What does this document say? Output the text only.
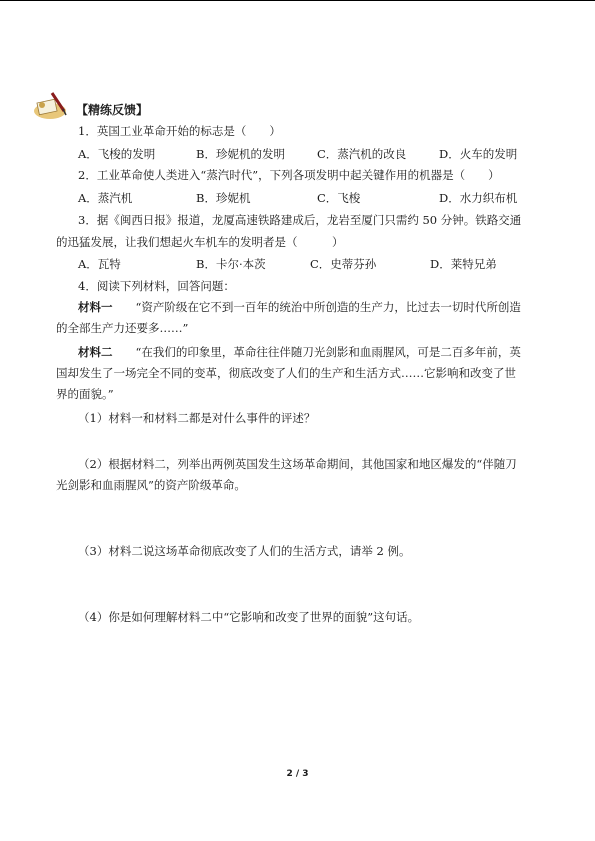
【精练反馈】
1．英国工业革命开始的标志是（　　）
A．飞梭的发明	B．珍妮机的发明	C．蒸汽机的改良	D．火车的发明
2．工业革命使人类进入“蒸汽时代”，下列各项发明中起关键作用的机器是（　　）
A．蒸汽机	B．珍妮机	C．飞梭	D．水力织布机
3．据《闽西日报》报道，龙厦高速铁路建成后，龙岩至厦门只需约 50 分钟。铁路交通
的迅猛发展，让我们想起火车机车的发明者是（　　　）
A．瓦特	B．卡尔·本茨	C．史蒂芬孙	D．莱特兄弟
4．阅读下列材料，回答问题：
材料一　　“资产阶级在它不到一百年的统治中所创造的生产力，比过去一切时代所创造
的全部生产力还要多……”
材料二　　“在我们的印象里，革命往往伴随刀光剑影和血雨腥风，可是二百多年前，英
国却发生了一场完全不同的变革，彻底改变了人们的生产和生活方式……它影响和改变了世
界的面貌。”
（1）材料一和材料二都是对什么事件的评述？
（2）根据材料二，列举出两例英国发生这场革命期间，其他国家和地区爆发的“伴随刀
光剑影和血雨腥风”的资产阶级革命。
（3）材料二说这场革命彻底改变了人们的生活方式，请举 2 例。
（4）你是如何理解材料二中“它影响和改变了世界的面貌”这句话。
2 / 3
